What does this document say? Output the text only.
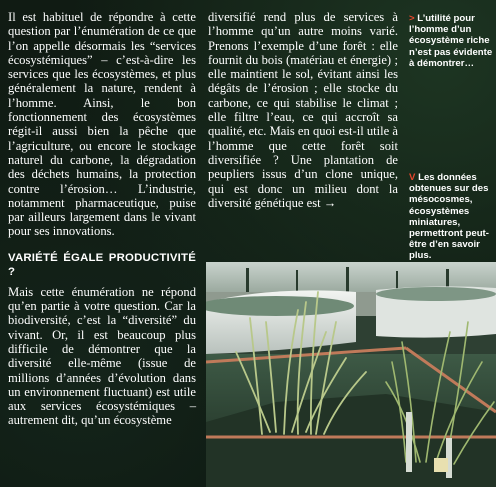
Il est habituel de répondre à cette question par l’énumération de ce que l’on appelle désormais les “services écosystémiques” – c’est-à-dire les services que les écosystèmes, et plus généralement la nature, rendent à l’homme. Ainsi, le bon fonctionnement des écosystèmes régit-il aussi bien la pêche que l’agriculture, ou encore le stockage naturel du carbone, la dégradation des déchets humains, la protection contre l’érosion… L’industrie, notamment pharmaceutique, puise par ailleurs largement dans le vivant pour ses innovations.

VARIÉTÉ ÉGALE PRODUCTIVITÉ ?

Mais cette énumération ne répond qu’en partie à votre question. Car la biodiversité, c’est la “diversité” du vivant. Or, il est beaucoup plus difficile de démontrer que la diversité elle-même (issue de millions d’années d’évolution dans un environnement fluctuant) est utile aux services écosystémiques – autrement dit, qu’un écosystème

diversifié rend plus de services à l’homme qu’un autre moins varié. Prenons l’exemple d’une forêt : elle fournit du bois (matériau et énergie) ; elle maintient le sol, évitant ainsi les dégâts de l’érosion ; elle stocke du carbone, ce qui stabilise le climat ; elle filtre l’eau, ce qui accroît sa qualité, etc. Mais en quoi est-il utile à l’homme que cette forêt soit diversifiée ? Une plantation de peupliers issus d’un clone unique, qui est donc un milieu dont la diversité génétique est →

> L’utilité pour l’homme d’un écosystème riche n’est pas évidente à démontrer…
V Les données obtenues sur des mésocosmes, écosystèmes miniatures, permettront peut-être d’en savoir plus.
